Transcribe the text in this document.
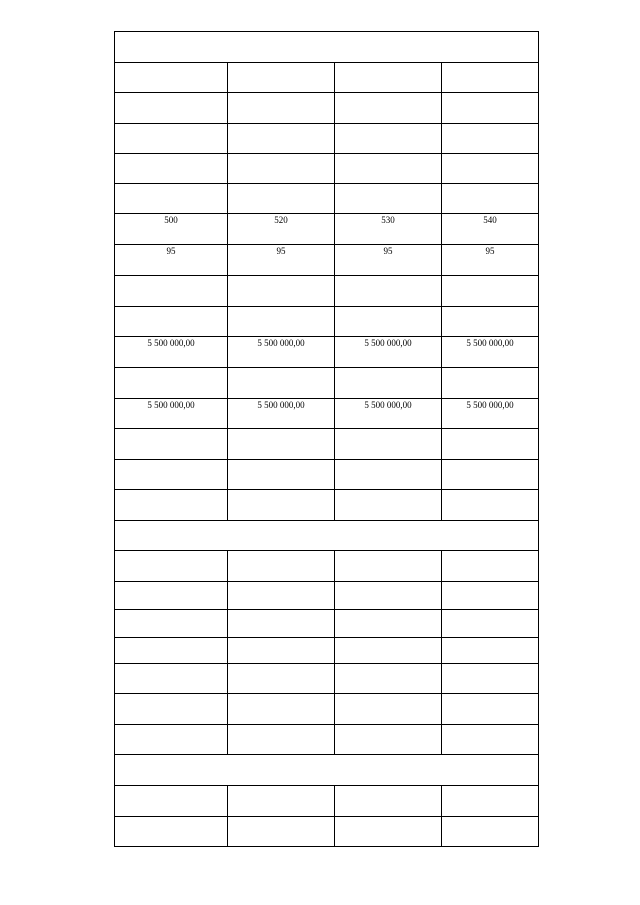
500	520	530	540

95	95	95	95

5 500 000,00	5 500 000,00	5 500 000,00	5 500 000,00

5 500 000,00	5 500 000,00	5 500 000,00	5 500 000,00
